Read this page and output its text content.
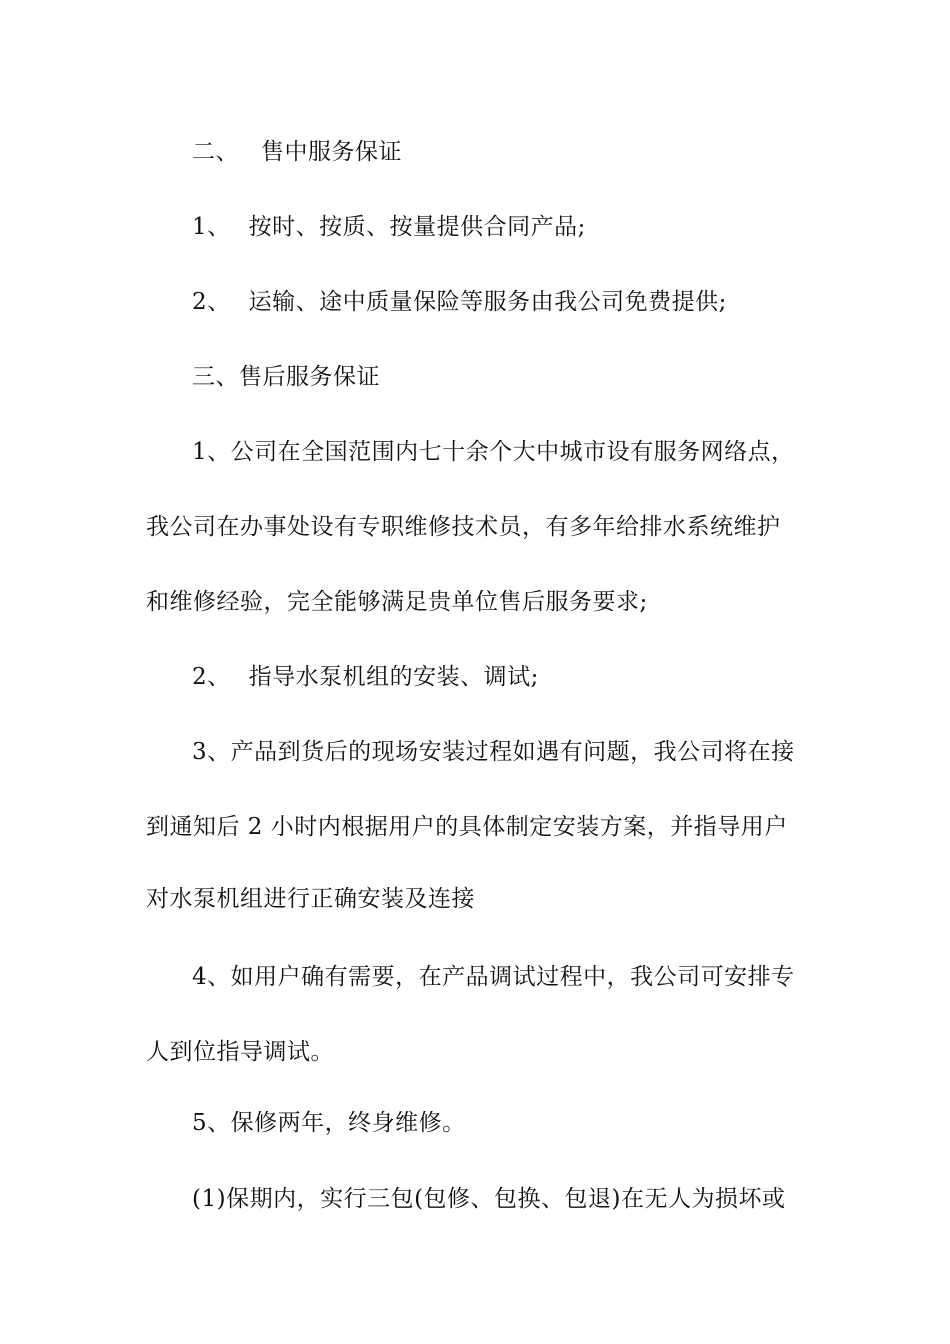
二、 售中服务保证
1、 按时、按质、按量提供合同产品;
2、 运输、途中质量保险等服务由我公司免费提供;
三、售后服务保证
1、公司在全国范围内七十余个大中城市设有服务网络点，
我公司在办事处设有专职维修技术员，有多年给排水系统维护
和维修经验，完全能够满足贵单位售后服务要求;
2、 指导水泵机组的安装、调试;
3、产品到货后的现场安装过程如遇有问题，我公司将在接
到通知后 2 小时内根据用户的具体制定安装方案，并指导用户
对水泵机组进行正确安装及连接
4、如用户确有需要，在产品调试过程中，我公司可安排专
人到位指导调试。
5、保修两年，终身维修。
(1)保期内，实行三包(包修、包换、包退)在无人为损坏或
